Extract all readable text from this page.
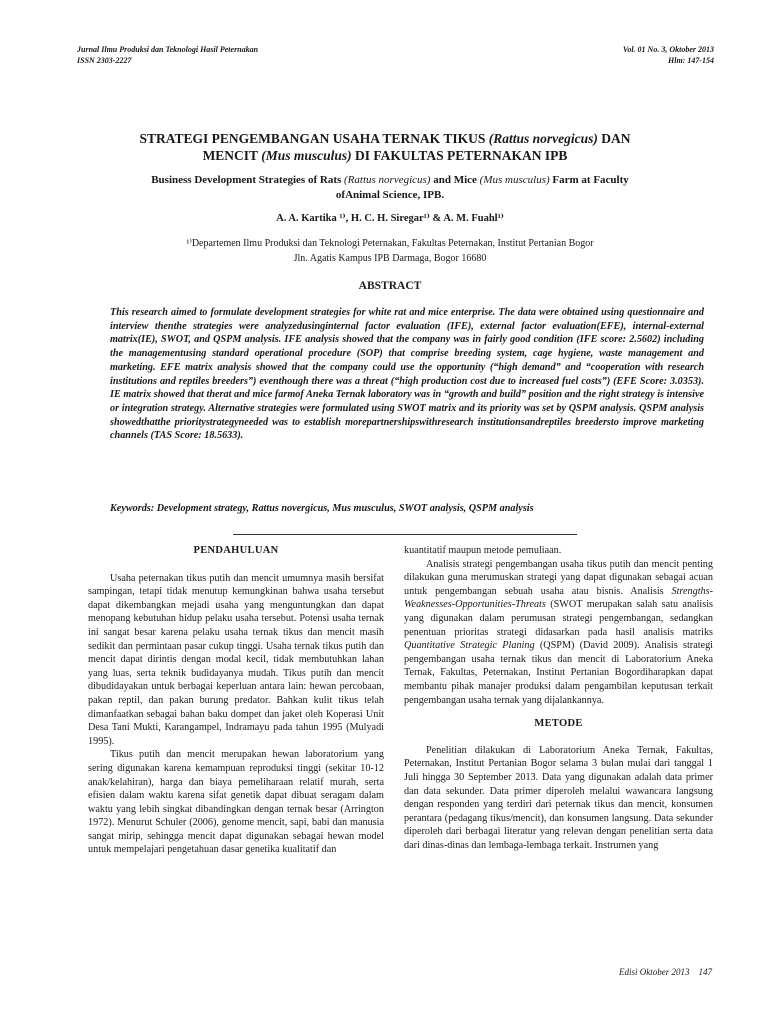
Jurnal Ilmu Produksi dan Teknologi Hasil Peternakan
ISSN 2303-2227
Vol. 01 No. 3, Oktober 2013
Hlm: 147-154
STRATEGI PENGEMBANGAN USAHA TERNAK TIKUS (Rattus norvegicus) DAN
MENCIT (Mus musculus) DI FAKULTAS PETERNAKAN IPB
Business Development Strategies of Rats (Rattus norvegicus) and Mice (Mus musculus) Farm at Faculty
ofAnimal Science, IPB.
A. A. Kartika ¹⁾, H. C. H. Siregar¹⁾ & A. M. Fuahl¹⁾
¹⁾Departemen Ilmu Produksi dan Teknologi Peternakan, Fakultas Peternakan, Institut Pertanian Bogor
Jln. Agatis Kampus IPB Darmaga, Bogor 16680
ABSTRACT
This research aimed to formulate development strategies for white rat and mice enterprise. The data were obtained using questionnaire and interview thenthe strategies were analyzedusinginternal factor evaluation (IFE), external factor evaluation(EFE), internal-external matrix(IE), SWOT, and QSPM analysis. IFE analysis showed that the company was in fairly good condition (IFE score: 2.5602) including the managementusing standard operational procedure (SOP) that comprise breeding system, cage hygiene, waste management and marketing. EFE matrix analysis showed that the company could use the opportunity (“high demand” and “cooperation with research institutions and reptiles breeders”) eventhough there was a threat (“high production cost due to increased fuel costs”) (EFE Score: 3.0353). IE matrix showed that therat and mice farmof Aneka Ternak laboratory was in “growth and build” position and the right strategy is intensive or integration strategy. Alternative strategies were formulated using SWOT matrix and its priority was set by QSPM analysis. QSPM analysis showedthatthe prioritystrategyneeded was to establish morepartnershipswithresearch institutionsandreptiles breedersto improve marketing channels (TAS Score: 18.5633).
Keywords: Development strategy, Rattus novergicus, Mus musculus, SWOT analysis, QSPM analysis
PENDAHULUAN

Usaha peternakan tikus putih dan mencit umumnya masih bersifat sampingan, tetapi tidak menutup kemungkinan bahwa usaha tersebut dapat dikembangkan mejadi usaha yang menguntungkan dan dapat menopang kebutuhan hidup pelaku usaha tersebut. Potensi usaha ternak ini sangat besar karena pelaku usaha ternak tikus dan mencit masih sedikit dan permintaan pasar cukup tinggi. Usaha ternak tikus putih dan mencit dapat dirintis dengan modal kecil, tidak membutuhkan lahan yang luas, serta teknik budidayanya mudah. Tikus putih dan mencit dibudidayakan untuk berbagai keperluan antara lain: hewan percobaan, pakan reptil, dan pakan burung predator. Bahkan kulit tikus telah dimanfaatkan sebagai bahan baku dompet dan jaket oleh Koperasi Unit Desa Tani Mukti, Karangampel, Indramayu pada tahun 1995 (Mulyadi 1995).

Tikus putih dan mencit merupakan hewan laboratorium yang sering digunakan karena kemampuan reproduksi tinggi (sekitar 10-12 anak/kelahiran), harga dan biaya pemeliharaan relatif murah, serta efisien dalam waktu karena sifat genetik dapat dibuat seragam dalam waktu yang lebih singkat dibandingkan dengan ternak besar (Arrington 1972). Menurut Schuler (2006), genome mencit, sapi, babi dan manusia sangat mirip, sehingga mencit dapat digunakan sebagai hewan model untuk mempelajari pengetahuan dasar genetika kualitatif dan

kuantitatif maupun metode pemuliaan.

Analisis strategi pengembangan usaha tikus putih dan mencit penting dilakukan guna merumuskan strategi yang dapat digunakan sebagai acuan untuk pengembangan sebuah usaha atau bisnis. Analisis Strengths-Weaknesses-Opportunities-Threats (SWOT merupakan salah satu analisis yang digunakan dalam perumusan strategi pengembangan, sedangkan penentuan prioritas strategi didasarkan pada hasil analisis matriks Quantitative Strategic Planing (QSPM) (David 2009). Analisis strategi pengembangan usaha ternak tikus dan mencit di Laboratorium Aneka Ternak, Fakultas, Peternakan, Institut Pertanian Bogordiharapkan dapat membantu pihak manajer produksi dalam pengambilan keputusan terkait pengembangan usaha ternak yang dijalankannya.

METODE

Penelitian dilakukan di Laboratorium Aneka Ternak, Fakultas, Peternakan, Institut Pertanian Bogor selama 3 bulan mulai dari tanggal 1 Juli hingga 30 September 2013. Data yang digunakan adalah data primer dan data sekunder. Data primer diperoleh melalui wawancara langsung dengan responden yang terdiri dari peternak tikus dan mencit, konsumen perantara (pedagang tikus/mencit), dan konsumen langsung. Data sekunder diperoleh dari berbagai literatur yang relevan dengan penelitian serta data dari dinas-dinas dan lembaga-lembaga terkait. Instrumen yang

Edisi Oktober 2013    147
